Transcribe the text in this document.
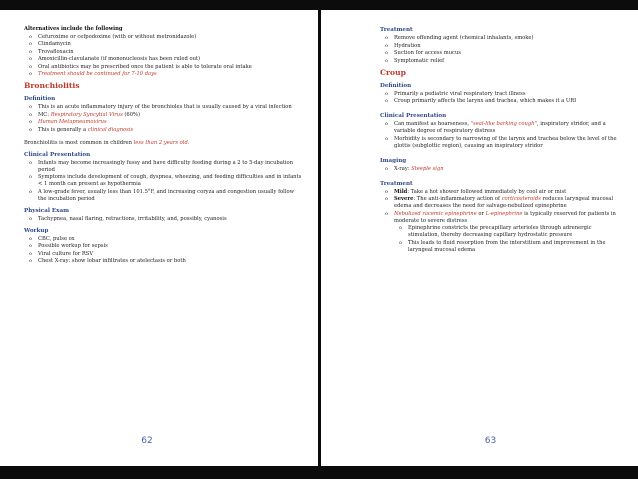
Alternatives include the following
o Cefuroxime or cefpodoxime (with or without metronidazole)
o Clindamycin
o Trovafloxacin
o Amoxicillin-clavulanate (if mononucleosis has been ruled out)
o Oral antibiotics may be prescribed once the patient is able to tolerate oral intake
o Treatment should be continued for 7-10 days
Bronchiolitis
Definition
o This is an acute inflammatory injury of the bronchioles that is usually caused by a viral infection
o MC: Respiratory Syncytial Virus (60%)
o Human Metapneumovirus
o This is generally a clinical diagnosis
Bronchiolitis is most common in children less than 2 years old.
Clinical Presentation
o Infants may become increasingly fussy and have difficulty feeding during a 2 to 5-day incubation period
o Symptoms include development of cough, dyspnea, wheezing, and feeding difficulties and in infants < 1 month can present as hypothermia
o A low-grade fever, usually less than 101.5°F, and increasing coryza and congestion usually follow the incubation period
Physical Exam
o Tachypnea, nasal flaring, retractions, irritability, and, possibly, cyanosis
Workup
o CBC, pulse ox
o Possible workup for sepsis
o Viral culture for RSV
o Chest X-ray: show lobar infiltrates or atelectasis or both
62
Treatment
o Remove offending agent (chemical inhalants, smoke)
o Hydration
o Suction for access mucus
o Symptomatic relief
Croup
Definition
o Primarily a pediatric viral respiratory tract illness
o Croup primarily affects the larynx and trachea, which makes it a URI
Clinical Presentation
o Can manifest as hoarseness, "seal-like barking cough", inspiratory stridor, and a variable degree of respiratory distress
o Morbidity is secondary to narrowing of the larynx and trachea below the level of the glottis (subglottic region), causing an inspiratory stridor
Imaging
o X-ray: Steeple sign
Treatment
o Mild: Take a hot shower followed immediately by cool air or mist
o Severe: The anti-inflammatory action of corticosteroids reduces laryngeal mucosal edema and decreases the need for salvage-nebulized epinephrine
o Nebulized racemic epinephrine or L-epinephrine is typically reserved for patients in moderate to severe distress
o Epinephrine constricts the precapillary arterioles through adrenergic stimulation, thereby decreasing capillary hydrostatic pressure
o This leads to fluid resorption from the interstitium and improvement in the laryngeal mucosal edema
63
